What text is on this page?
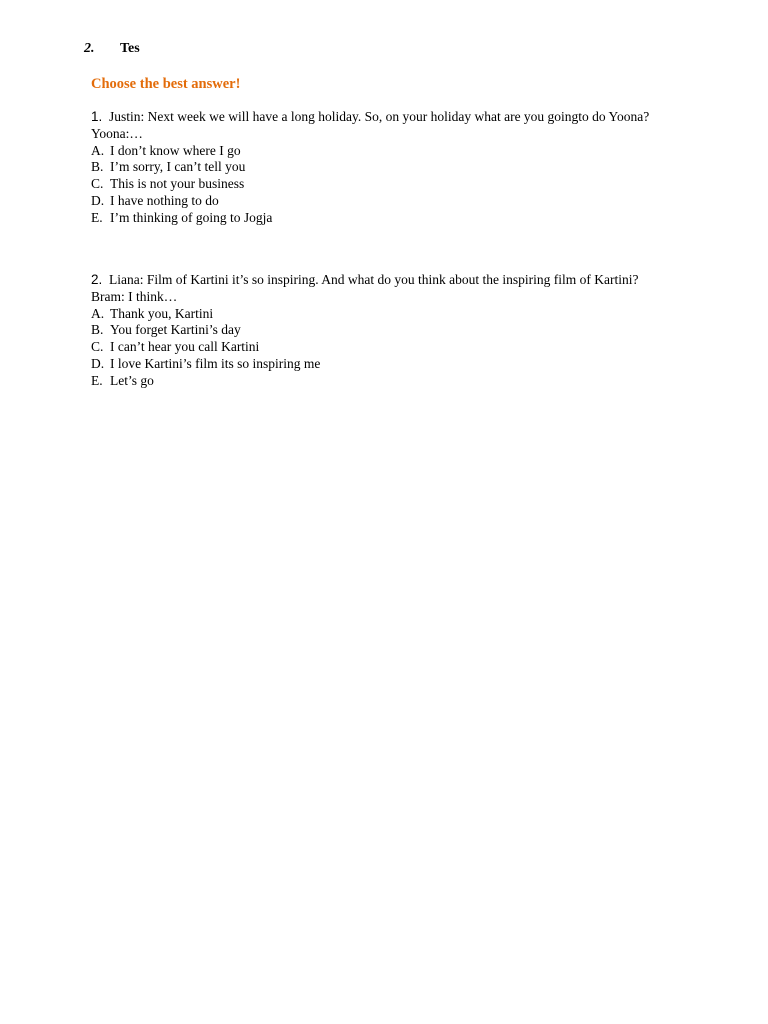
2. Tes
Choose the best answer!
1. Justin: Next week we will have a long holiday. So, on your holiday what are you goingto do Yoona?
Yoona:…
A. I don’t know where I go
B. I’m sorry, I can’t tell you
C. This is not your business
D. I have nothing to do
E. I’m thinking of going to Jogja
2. Liana: Film of Kartini it’s so inspiring. And what do you think about the inspiring film of Kartini?
Bram: I think…
A. Thank you, Kartini
B. You forget Kartini’s day
C. I can’t hear you call Kartini
D. I love Kartini’s film its so inspiring me
E. Let’s go
